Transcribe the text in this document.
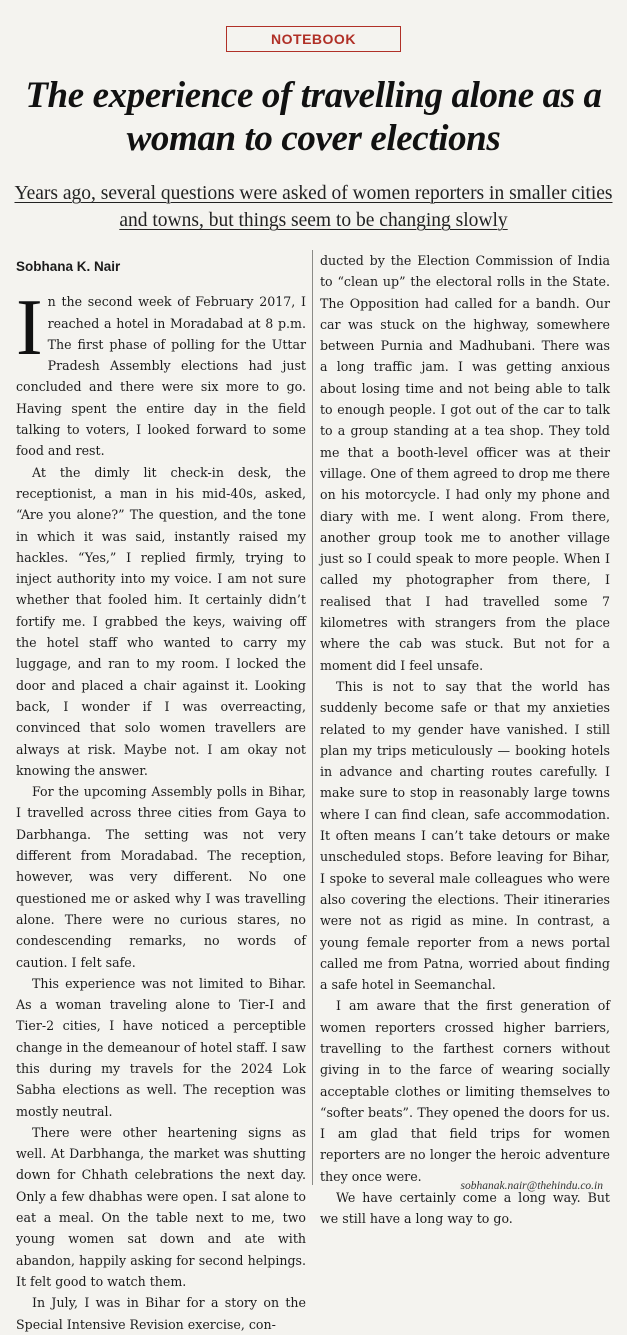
NOTEBOOK
The experience of travelling alone as a woman to cover elections
Years ago, several questions were asked of women reporters in smaller cities and towns, but things seem to be changing slowly
Sobhana K. Nair

In the second week of February 2017, I reached a hotel in Moradabad at 8 p.m. The first phase of polling for the Uttar Pradesh Assembly elections had just concluded and there were six more to go. Having spent the entire day in the field talking to voters, I looked forward to some food and rest.

At the dimly lit check-in desk, the receptionist, a man in his mid-40s, asked, “Are you alone?” The question, and the tone in which it was said, instantly raised my hackles. “Yes,” I replied firmly, trying to inject authority into my voice. I am not sure whether that fooled him. It certainly didn’t fortify me. I grabbed the keys, waiving off the hotel staff who wanted to carry my luggage, and ran to my room. I locked the door and placed a chair against it. Looking back, I wonder if I was overreacting, convinced that solo women travellers are always at risk. Maybe not. I am okay not knowing the answer.

For the upcoming Assembly polls in Bihar, I travelled across three cities from Gaya to Darbhanga. The setting was not very different from Moradabad. The reception, however, was very different. No one questioned me or asked why I was travelling alone. There were no curious stares, no condescending remarks, no words of caution. I felt safe.

This experience was not limited to Bihar. As a woman traveling alone to Tier-I and Tier-2 cities, I have noticed a perceptible change in the demeanour of hotel staff. I saw this during my travels for the 2024 Lok Sabha elections as well. The reception was mostly neutral.

There were other heartening signs as well. At Darbhanga, the market was shutting down for Chhath celebrations the next day. Only a few dhabhas were open. I sat alone to eat a meal. On the table next to me, two young women sat down and ate with abandon, happily asking for second helpings. It felt good to watch them.

In July, I was in Bihar for a story on the Special Intensive Revision exercise, con-

ducted by the Election Commission of India to “clean up” the electoral rolls in the State. The Opposition had called for a bandh. Our car was stuck on the highway, somewhere between Purnia and Madhubani. There was a long traffic jam. I was getting anxious about losing time and not being able to talk to enough people. I got out of the car to talk to a group standing at a tea shop. They told me that a booth-level officer was at their village. One of them agreed to drop me there on his motorcycle. I had only my phone and diary with me. I went along. From there, another group took me to another village just so I could speak to more people. When I called my photographer from there, I realised that I had travelled some 7 kilometres with strangers from the place where the cab was stuck. But not for a moment did I feel unsafe.

This is not to say that the world has suddenly become safe or that my anxieties related to my gender have vanished. I still plan my trips meticulously — booking hotels in advance and charting routes carefully. I make sure to stop in reasonably large towns where I can find clean, safe accommodation. It often means I can’t take detours or make unscheduled stops. Before leaving for Bihar, I spoke to several male colleagues who were also covering the elections. Their itineraries were not as rigid as mine. In contrast, a young female reporter from a news portal called me from Patna, worried about finding a safe hotel in Seemanchal.

I am aware that the first generation of women reporters crossed higher barriers, travelling to the farthest corners without giving in to the farce of wearing socially acceptable clothes or limiting themselves to “softer beats”. They opened the doors for us. I am glad that field trips for women reporters are no longer the heroic adventure they once were.

We have certainly come a long way. But we still have a long way to go.

sobhanak.nair@thehindu.co.in
